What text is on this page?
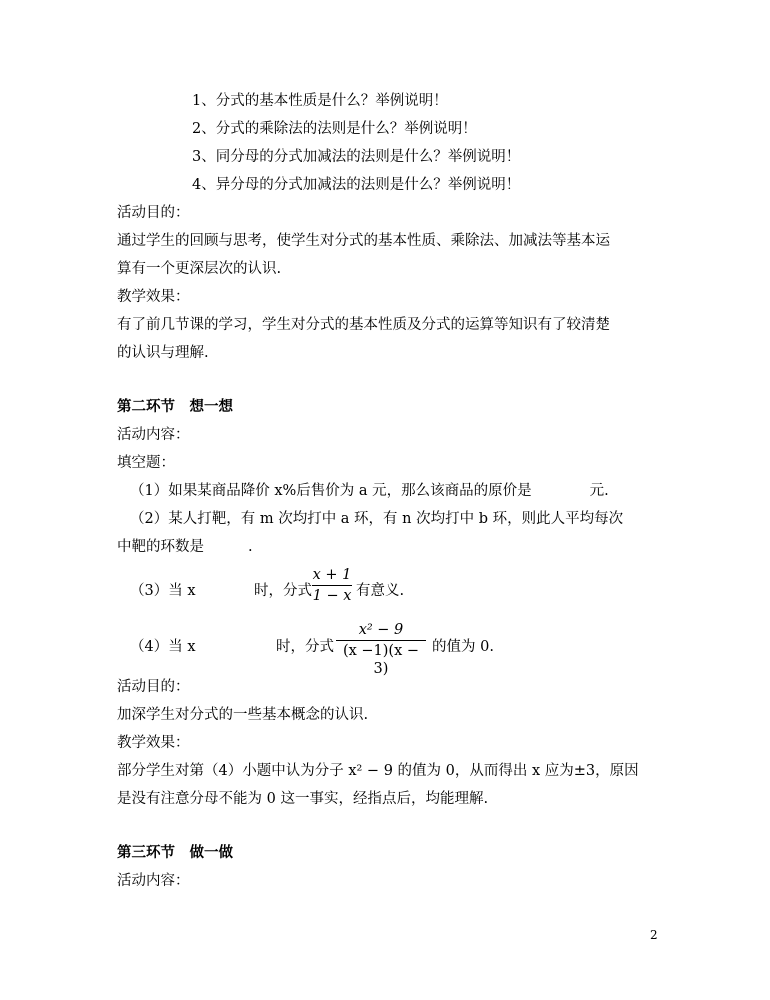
1、分式的基本性质是什么？举例说明！
2、分式的乘除法的法则是什么？举例说明！
3、同分母的分式加减法的法则是什么？举例说明！
4、异分母的分式加减法的法则是什么？举例说明！
活动目的：
通过学生的回顾与思考，使学生对分式的基本性质、乘除法、加减法等基本运
算有一个更深层次的认识.
教学效果：
有了前几节课的学习，学生对分式的基本性质及分式的运算等知识有了较清楚
的认识与理解.
第二环节　想一想
活动内容：
填空题：
（1）如果某商品降价 x%后售价为 a 元，那么该商品的原价是	元.
（2）某人打靶，有 m 次均打中 a 环，有 n 次均打中 b 环，则此人平均每次
中靶的环数是	.
（3）当 x	时，分式
x + 1
1 − x 有意义.
（4）当 x	时，分式
x² − 9
(x −1)(x − 3)
的值为 0.
活动目的：
加深学生对分式的一些基本概念的认识.
教学效果：
部分学生对第（4）小题中认为分子 x² − 9 的值为 0，从而得出 x 应为±3，原因
是没有注意分母不能为 0 这一事实，经指点后，均能理解.
第三环节　做一做
活动内容：
2
